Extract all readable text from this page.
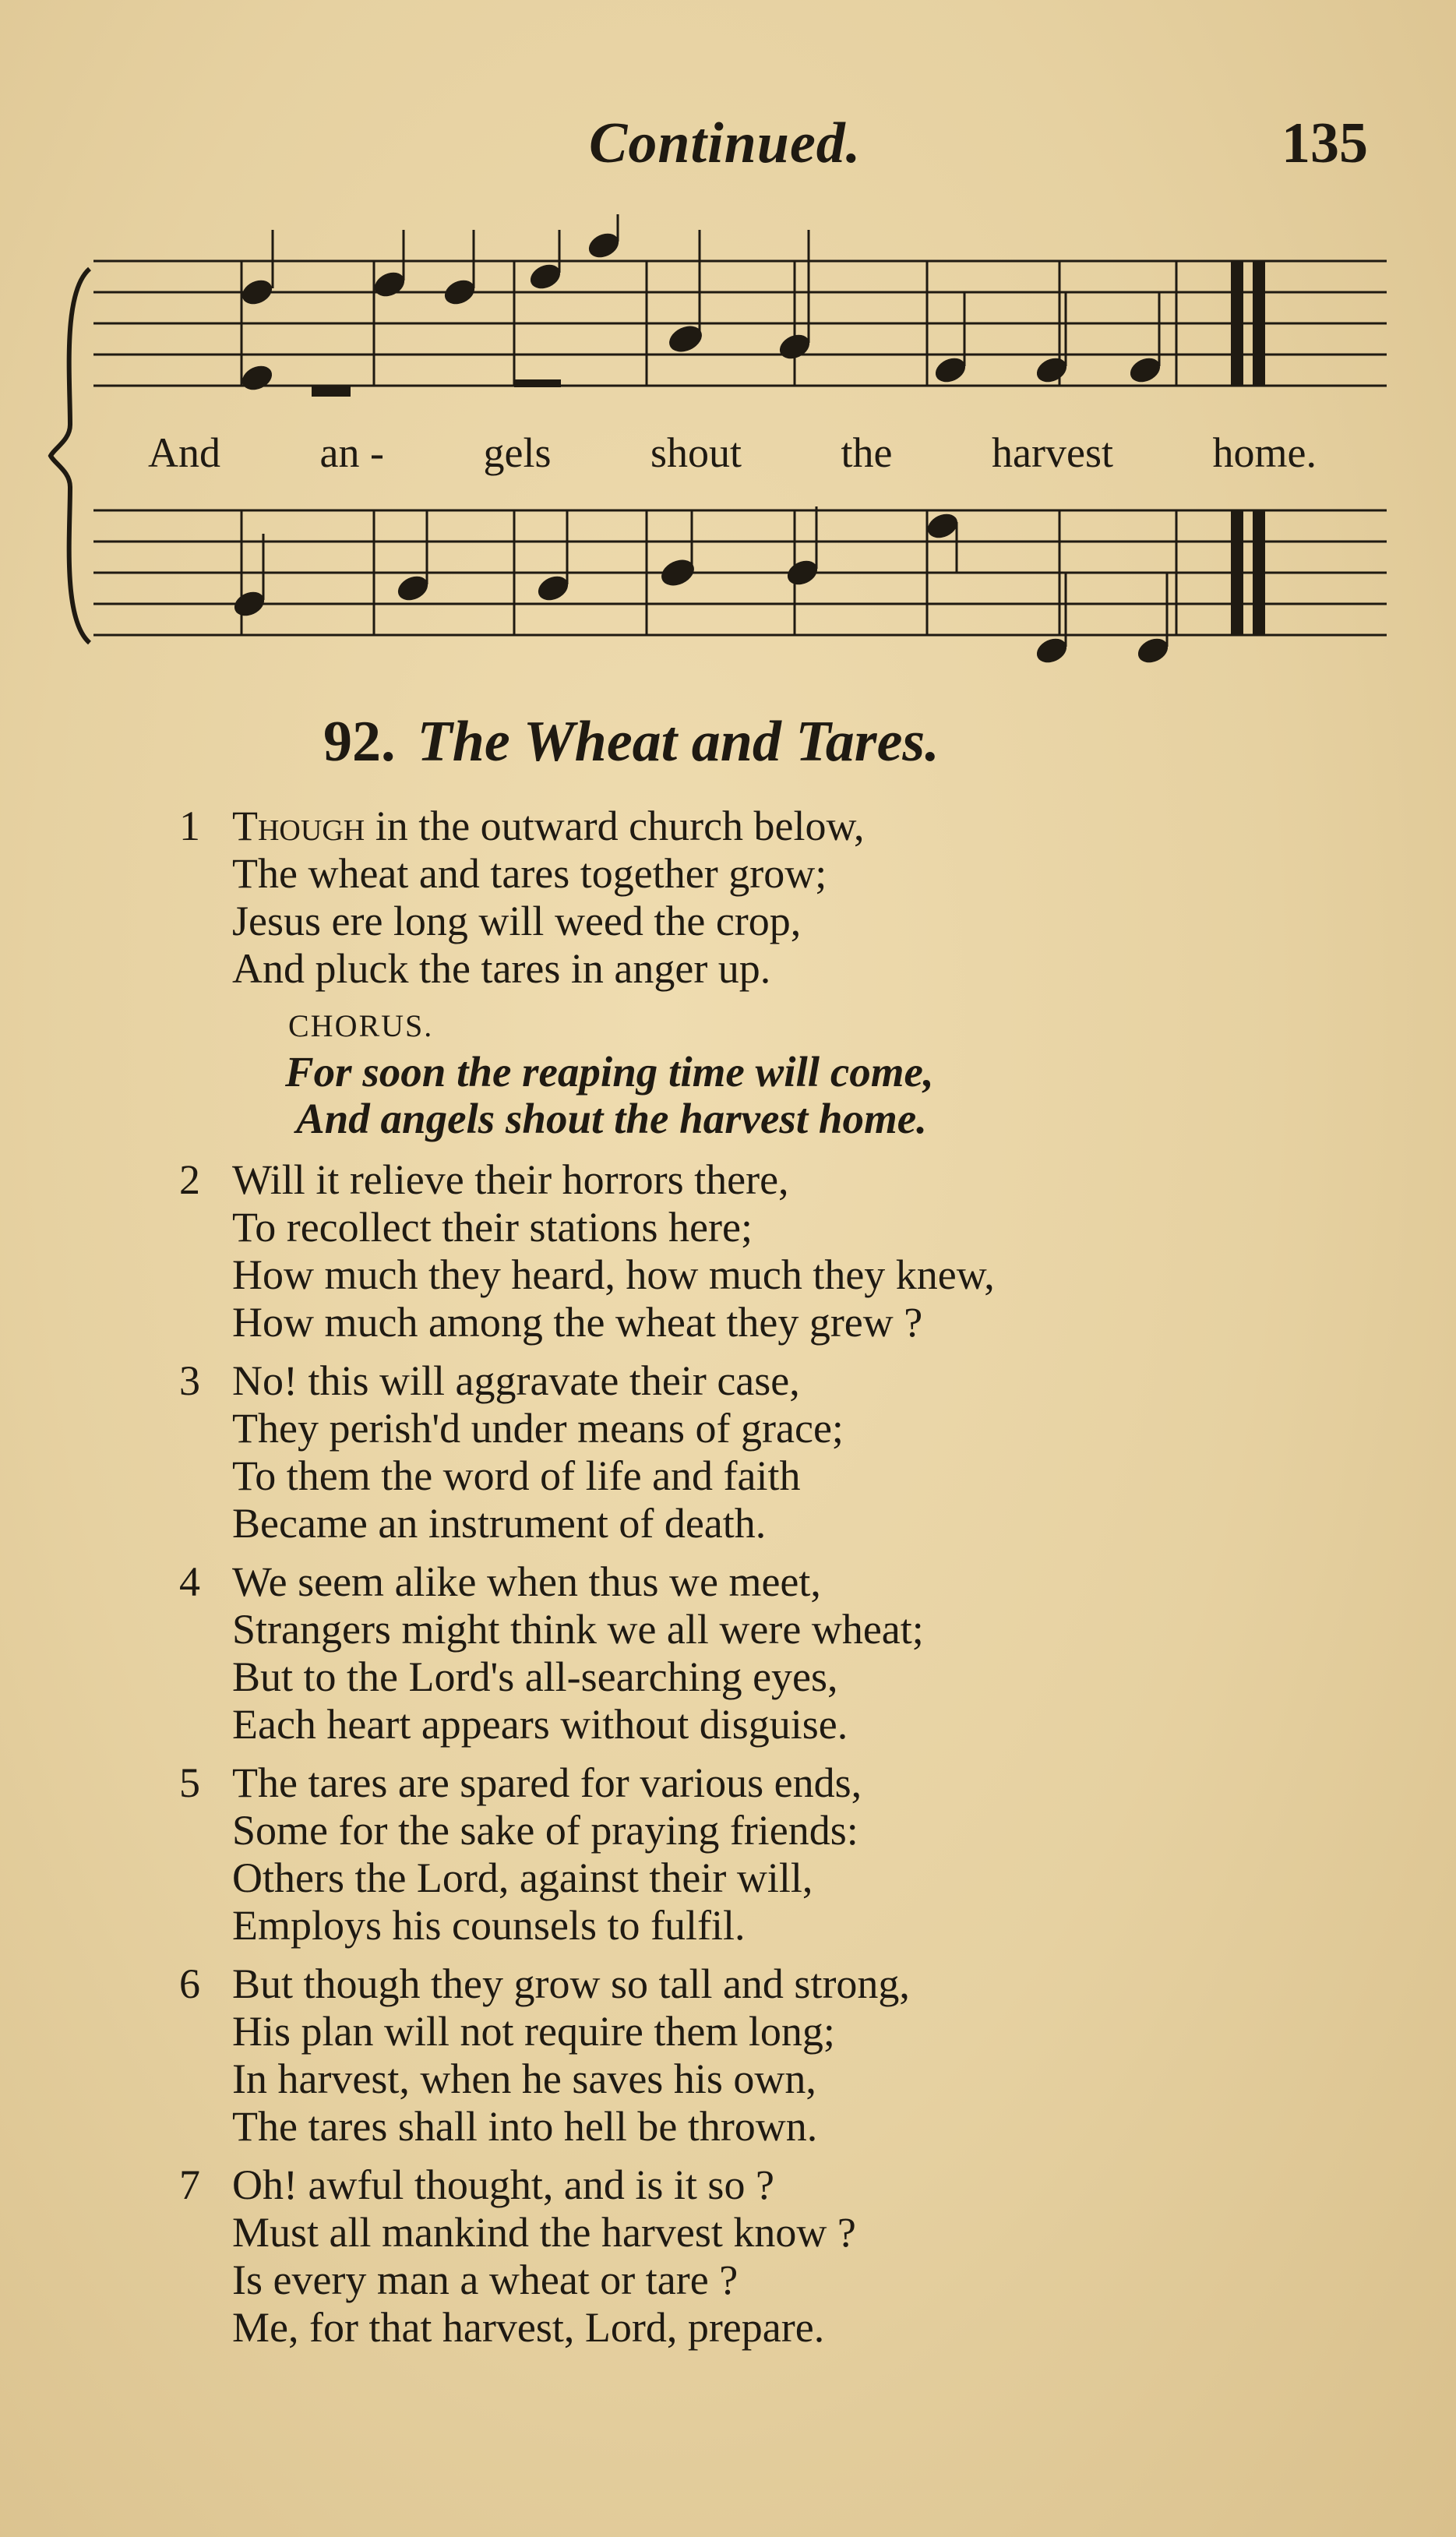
Continued.	135
And an - gels shout the harvest home.
92. The Wheat and Tares.
1 Though in the outward church below,
The wheat and tares together grow;
Jesus ere long will weed the crop,
And pluck the tares in anger up.
CHORUS.
For soon the reaping time will come,
And angels shout the harvest home.
2 Will it relieve their horrors there,
To recollect their stations here;
How much they heard, how much they knew,
How much among the wheat they grew ?
3 No! this will aggravate their case,
They perish'd under means of grace;
To them the word of life and faith
Became an instrument of death.
4 We seem alike when thus we meet,
Strangers might think we all were wheat;
But to the Lord's all-searching eyes,
Each heart appears without disguise.
5 The tares are spared for various ends,
Some for the sake of praying friends:
Others the Lord, against their will,
Employs his counsels to fulfil.
6 But though they grow so tall and strong,
His plan will not require them long;
In harvest, when he saves his own,
The tares shall into hell be thrown.
7 Oh! awful thought, and is it so ?
Must all mankind the harvest know ?
Is every man a wheat or tare ?
Me, for that harvest, Lord, prepare.
